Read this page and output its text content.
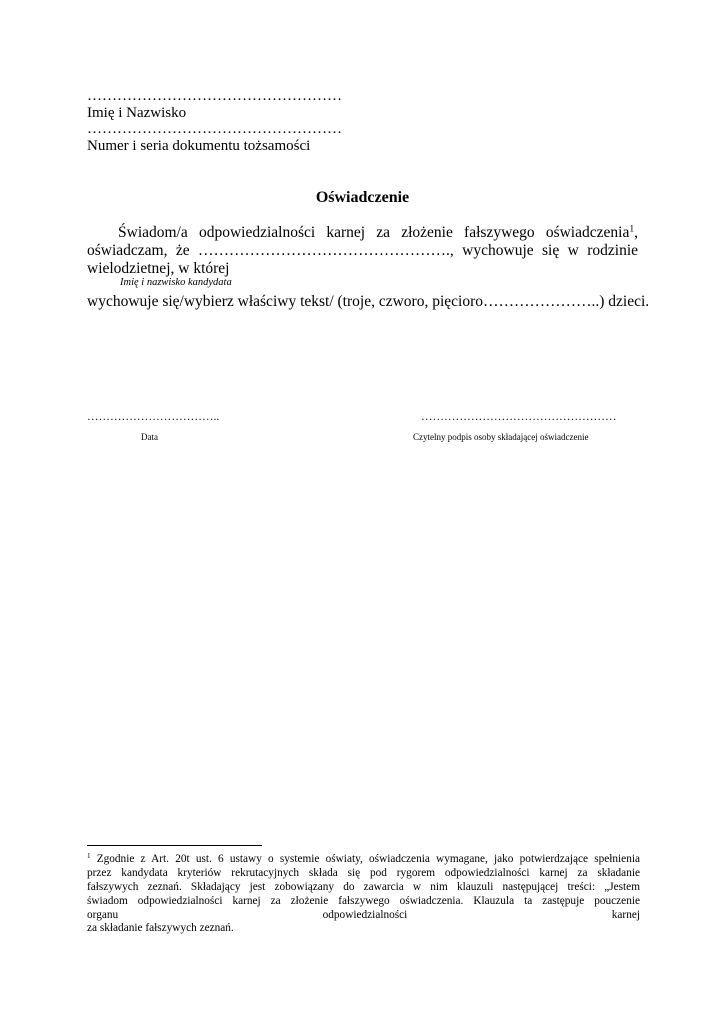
……………………………………………

Imię i Nazwisko

……………………………………………

Numer i seria dokumentu tożsamości

Oświadczenie

Świadom/a odpowiedzialności karnej za złożenie fałszywego oświadczenia$^1$,

oświadczam, że …………………………………………., wychowuje się w rodzinie

wielodzietnej, w której

Imię i nazwisko kandydata

wychowuje się/wybierz właściwy tekst/ (troje, czworo, pięcioro…………………..) dzieci.

……………………………..

Data

……………………………………………

Czytelny podpis osoby składającej oświadczenie

$^1$ Zgodnie z Art. 20t ust. 6 ustawy o systemie oświaty, oświadczenia wymagane, jako potwierdzające spełnienia

przez kandydata kryteriów rekrutacyjnych składa się pod rygorem odpowiedzialności karnej za składanie

fałszywych zeznań. Składający jest zobowiązany do zawarcia w nim klauzuli następującej treści: „Jestem

świadom odpowiedzialności karnej za złożenie fałszywego oświadczenia. Klauzula ta zastępuje pouczenie

organu odpowiedzialności karnej

za składanie fałszywych zeznań.
